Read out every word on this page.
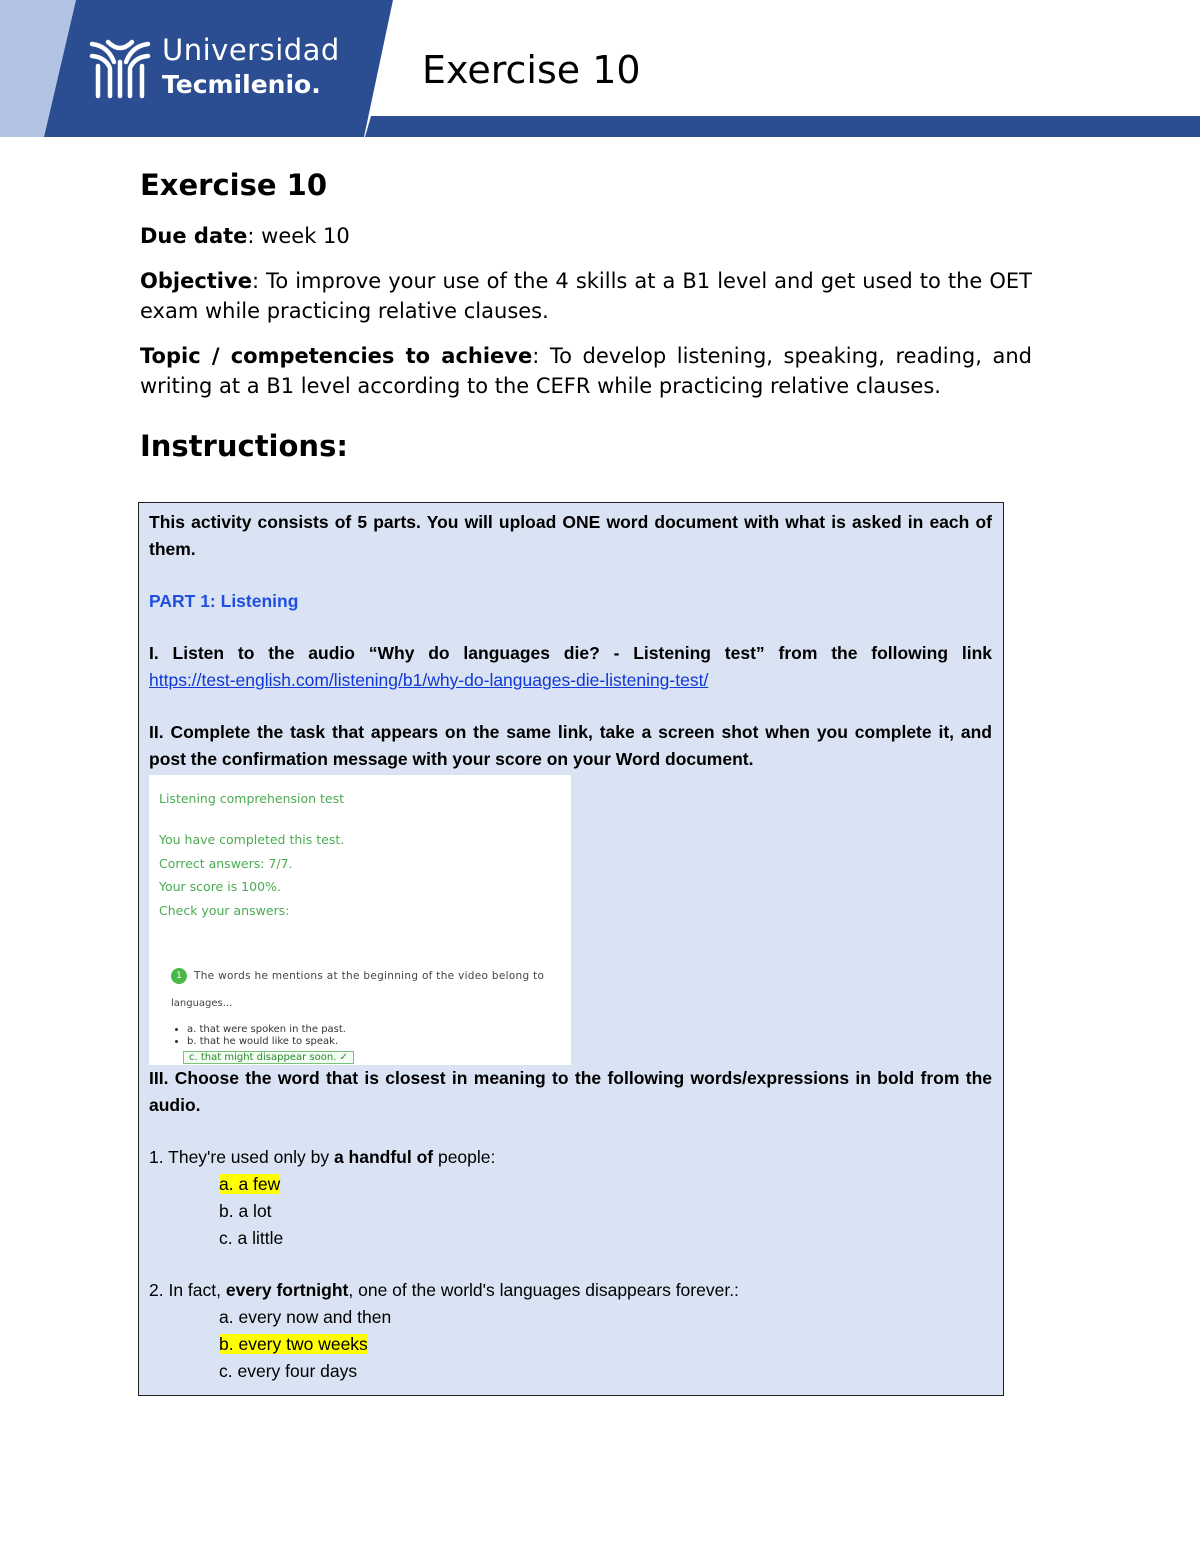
Universidad
Tecmilenio.	Exercise 10
Exercise 10

Due date: week 10

Objective: To improve your use of the 4 skills at a B1 level and get used to the OET exam while practicing relative clauses.

Topic / competencies to achieve: To develop listening, speaking, reading, and writing at a B1 level according to the CEFR while practicing relative clauses.

Instructions:

This activity consists of 5 parts. You will upload ONE word document with what is asked in each of them.

PART 1: Listening

I. Listen to the audio “Why do languages die? - Listening test” from the following link

https://test-english.com/listening/b1/why-do-languages-die-listening-test/

II. Complete the task that appears on the same link, take a screen shot when you complete it, and post the confirmation message with your score on your Word document.

Listening comprehension test
You have completed this test.
Correct answers: 7/7.
Your score is 100%.
Check your answers:
1	The words he mentions at the beginning of the video belong to
languages...
• a. that were spoken in the past.
• b. that he would like to speak.
c. that might disappear soon. ✓

III. Choose the word that is closest in meaning to the following words/expressions in bold from the audio.

1. They're used only by a handful of people:

a. a few

b. a lot

c. a little

2. In fact, every fortnight, one of the world's languages disappears forever.:

a. every now and then

b. every two weeks

c. every four days
